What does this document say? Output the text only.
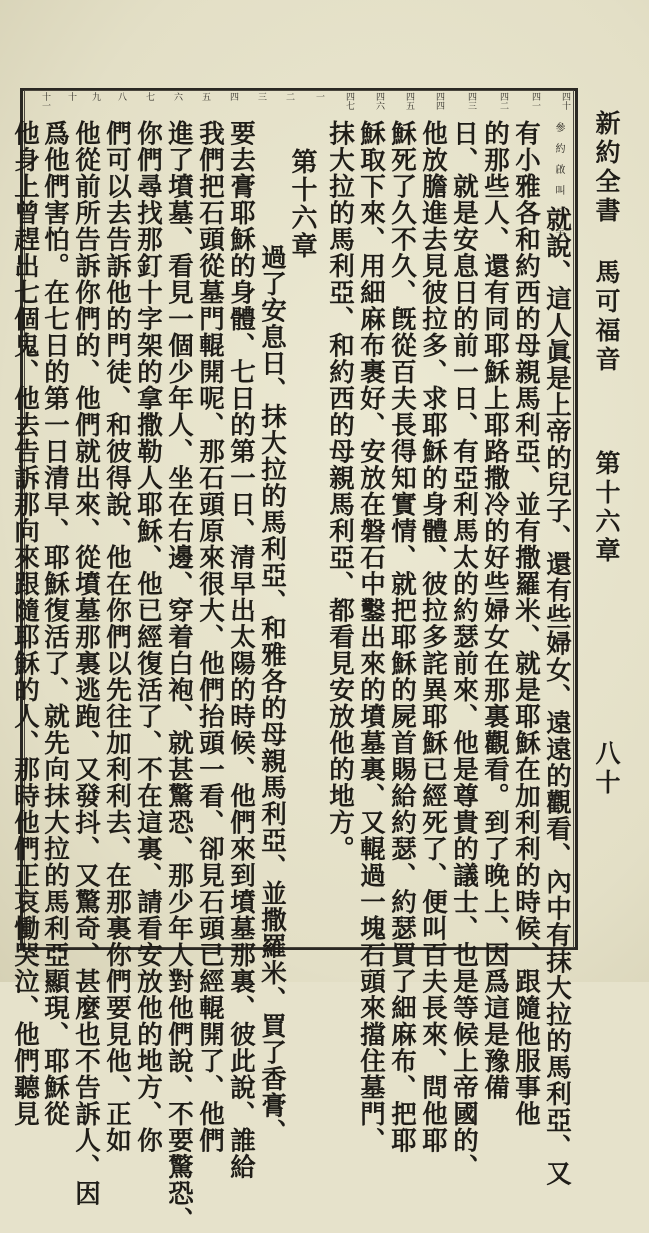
新約全書 馬可福音
第十六章
八十
參 約 啟 叫 二 宇
四十
四一
四二
四三
四四
四五
四六
四七
一
二
三
四
五
六
七
八
九
十
十一
第十六章
就說、這人眞是上帝的兒子、還有些婦女、遠遠的觀看、內中有抹大拉的馬利亞、又
有小雅各和約西的母親馬利亞、並有撒羅米、就是耶穌在加利利的時候、跟隨他服事他
的那些人、還有同耶穌上耶路撒冷的好些婦女在那裏觀看。到了晚上、因爲這是豫備
日、就是安息日的前一日、有亞利馬太的約瑟前來、他是尊貴的議士、也是等候上帝國的、
他放膽進去見彼拉多、求耶穌的身體、彼拉多詫異耶穌已經死了、便叫百夫長來、問他耶
穌死了久不久、旣從百夫長得知實情、就把耶穌的屍首賜給約瑟、約瑟買了細麻布、把耶
穌取下來、用細麻布裹好、安放在磐石中鑿出來的墳墓裏、又輥過一塊石頭來擋住墓門、
抹大拉的馬利亞、和約西的母親馬利亞、都看見安放他的地方。
過了安息日、抹大拉的馬利亞、和雅各的母親馬利亞、並撒羅米、買了香膏、
要去膏耶穌的身體、七日的第一日、清早出太陽的時候、他們來到墳墓那裏、彼此說、誰給
我們把石頭從墓門輥開呢、那石頭原來很大、他們抬頭一看、卻見石頭已經輥開了、他們
進了墳墓、看見一個少年人、坐在右邊、穿着白袍、就甚驚恐、那少年人對他們說、不要驚恐、
你們尋找那釘十字架的拿撒勒人耶穌、他已經復活了、不在這裏、請看安放他的地方、你
們可以去告訴他的門徒、和彼得說、他在你們以先往加利利去、在那裏你們要見他、正如
他從前所告訴你們的、他們就出來、從墳墓那裏逃跑、又發抖、又驚奇、甚麼也不告訴人、因
爲他們害怕。在七日的第一日清早、耶穌復活了、就先向抹大拉的馬利亞顯現、耶穌從
他身上曾趕出七個鬼、他去告訴那向來跟隨耶穌的人、那時他們正哀慟哭泣、他們聽見
